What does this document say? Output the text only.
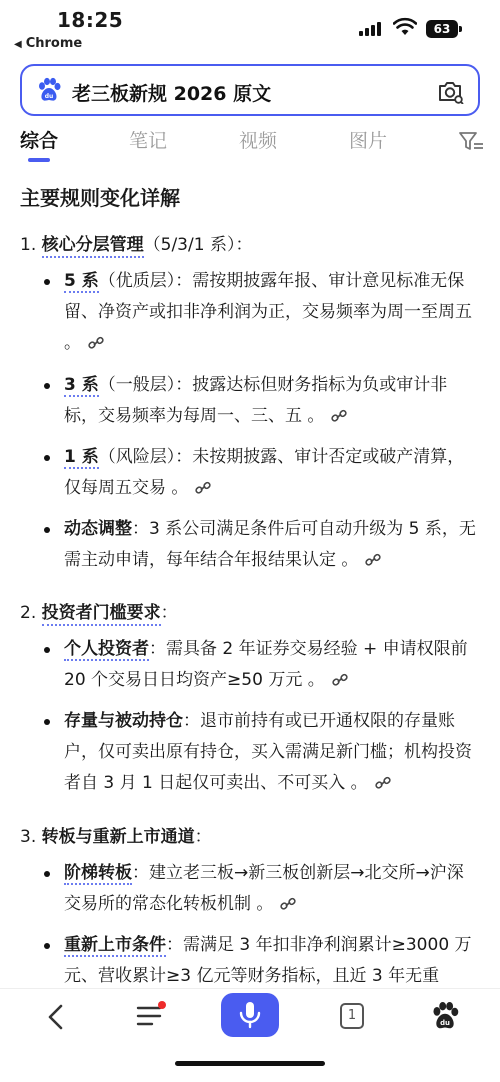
18:25
◀ Chrome
63
du 老三板新规 2026 原文
综合	笔记	视频	图片
主要规则变化详解
1. 核心分层管理（5/3/1 系）：
5 系（优质层）：需按期披露年报、审计意见标准无保留、净资产或扣非净利润为正，交易频率为周一至周五 。
3 系（一般层）：披露达标但财务指标为负或审计非标，交易频率为每周一、三、五 。
1 系（风险层）：未按期披露、审计否定或破产清算，仅每周五交易 。
动态调整：3 系公司满足条件后可自动升级为 5 系，无需主动申请，每年结合年报结果认定 。
2. 投资者门槛要求：
个人投资者：需具备 2 年证券交易经验 + 申请权限前 20 个交易日日均资产≥50 万元 。
存量与被动持仓：退市前持有或已开通权限的存量账户，仅可卖出原有持仓，买入需满足新门槛；机构投资者自 3 月 1 日起仅可卖出、不可买入 。
3. 转板与重新上市通道：
阶梯转板：建立老三板→新三板创新层→北交所→沪深交易所的常态化转板机制 。
重新上市条件：需满足 3 年扣非净利润累计≥3000 万元、营收累计≥3 亿元等财务指标，且近 3 年无重
1
du
